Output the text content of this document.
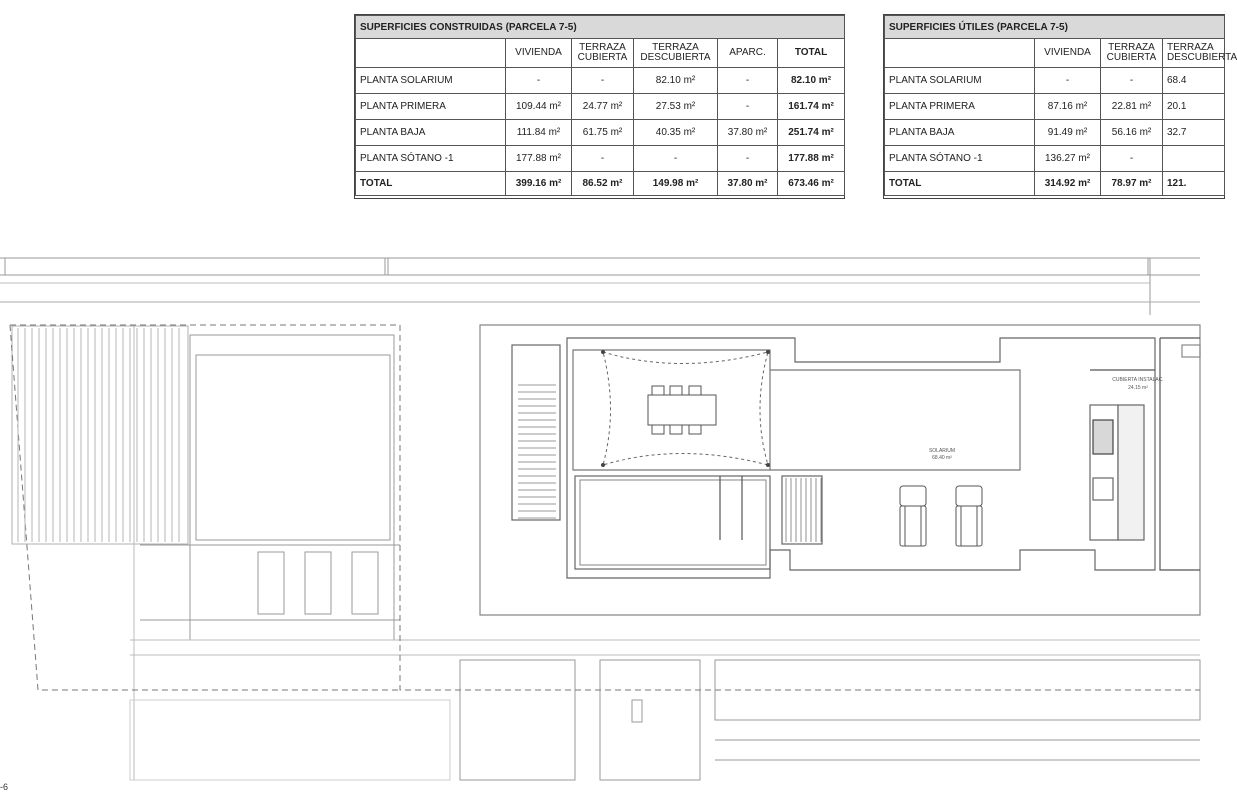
SUPERFICIES CONSTRUIDAS (PARCELA 7-5)					
	VIVIENDA	TERRAZA CUBIERTA	TERRAZA DESCUBIERTA	APARC.	TOTAL
PLANTA SOLARIUM	-	-	82.10 m²	-	82.10 m²
PLANTA PRIMERA	109.44 m²	24.77 m²	27.53 m²	-	161.74 m²
PLANTA BAJA	111.84 m²	61.75 m²	40.35 m²	37.80 m²	251.74 m²
PLANTA SÓTANO -1	177.88 m²	-	-	-	177.88 m²
TOTAL	399.16 m²	86.52 m²	149.98 m²	37.80 m²	673.46 m²
SUPERFICIES ÚTILES (PARCELA 7-5)			
	VIVIENDA	TERRAZA CUBIERTA	TERRAZA DESCUBIERTA
PLANTA SOLARIUM	-	-	68.4
PLANTA PRIMERA	87.16 m²	22.81 m²	20.1
PLANTA BAJA	91.49 m²	56.16 m²	32.7
PLANTA SÓTANO -1	136.27 m²	-	
TOTAL	314.92 m²	78.97 m²	121.
SOLARIUM
68.40 m²
CUBIERTA INSTALAC.
24.15 m²
-6
